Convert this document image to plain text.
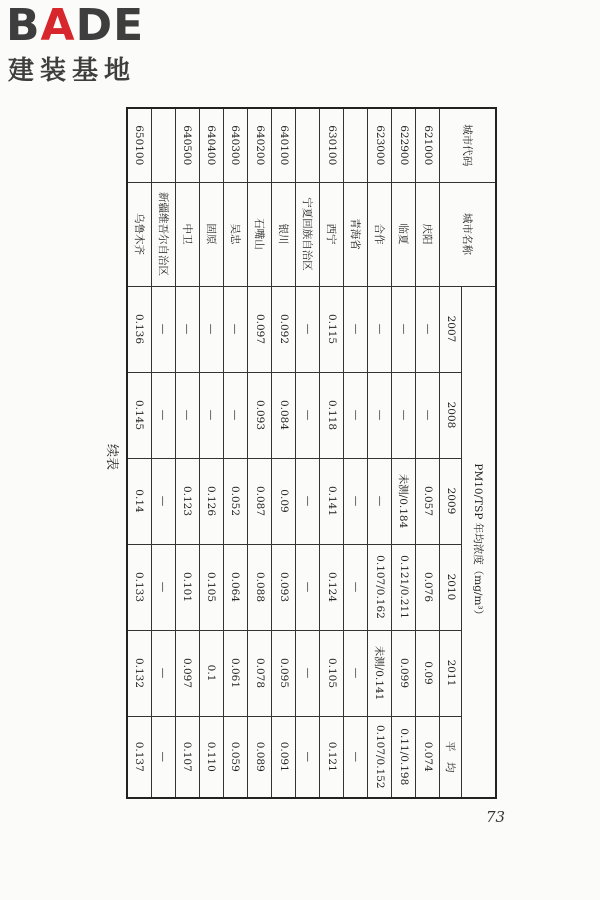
BADE
建装基地
续表
城市代码	城市名称	PM10/TSP 年均浓度（mg/m³）					
		2007	2008	2009	2010	2011	平　均
621000	庆阳	—	—	0.057	0.076	0.09	0.074
622900	临夏	—	—	未测/0.184	0.121/0.211	0.099	0.11/0.198
623000	合作	—	—	—	0.107/0.162	未测/0.141	0.107/0.152
	青海省	—	—	—	—	—	—
630100	西宁	0.115	0.118	0.141	0.124	0.105	0.121
	宁夏回族自治区	—	—	—	—	—	—
640100	银川	0.092	0.084	0.09	0.093	0.095	0.091
640200	石嘴山	0.097	0.093	0.087	0.088	0.078	0.089
640300	吴忠	—	—	0.052	0.064	0.061	0.059
640400	固原	—	—	0.126	0.105	0.1	0.110
640500	中卫	—	—	0.123	0.101	0.097	0.107
	新疆维吾尔自治区	—	—	—	—	—	—
650100	乌鲁木齐	0.136	0.145	0.14	0.133	0.132	0.137
73
